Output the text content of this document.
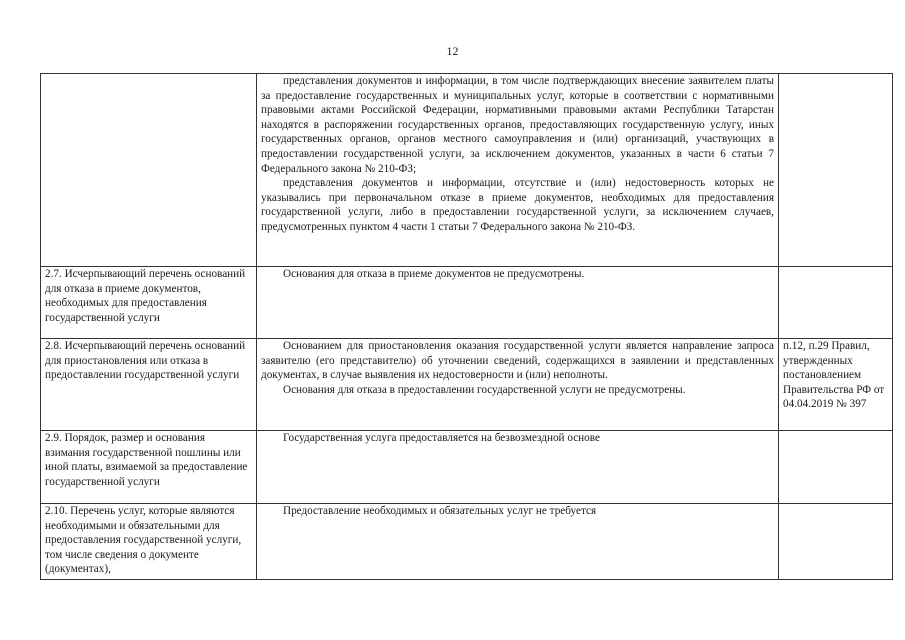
12

	представления документов и информации, в том числе подтверждающих внесение заявителем платы за предоставление государственных и муниципальных услуг, которые в соответствии с нормативными правовыми актами Российской Федерации, нормативными правовыми актами Республики Татарстан находятся в распоряжении государственных органов, предоставляющих государственную услугу, иных государственных органов, органов местного самоуправления и (или) организаций, участвующих в предоставлении государственной услуги, за исключением документов, указанных в части 6 статьи 7 Федерального закона № 210-ФЗ;

представления документов и информации, отсутствие и (или) недостоверность которых не указывались при первоначальном отказе в приеме документов, необходимых для предоставления государственной услуги, либо в предоставлении государственной услуги, за исключением случаев, предусмотренных пунктом 4 части 1 статьи 7 Федерального закона № 210-ФЗ.	

2.7. Исчерпывающий перечень оснований для отказа в приеме документов, необходимых для предоставления государственной услуги	Основания для отказа в приеме документов не предусмотрены.	

2.8. Исчерпывающий перечень оснований для приостановления или отказа в предоставлении государственной услуги	Основанием для приостановления оказания государственной услуги является направление запроса заявителю (его представителю) об уточнении сведений, содержащихся в заявлении и представленных документах, в случае выявления их недостоверности и (или) неполноты.

Основания для отказа в предоставлении государственной услуги не предусмотрены.	п.12, п.29 Правил, утвержденных постановлением Правительства РФ от 04.04.2019 № 397
2.9. Порядок, размер и основания взимания государственной пошлины или иной платы, взимаемой за предоставление государственной услуги	Государственная услуга предоставляется на безвозмездной основе	

2.10. Перечень услуг, которые являются необходимыми и обязательными для предоставления государственной услуги, том числе сведения о документе (документах),	Предоставление необходимых и обязательных услуг не требуется	
